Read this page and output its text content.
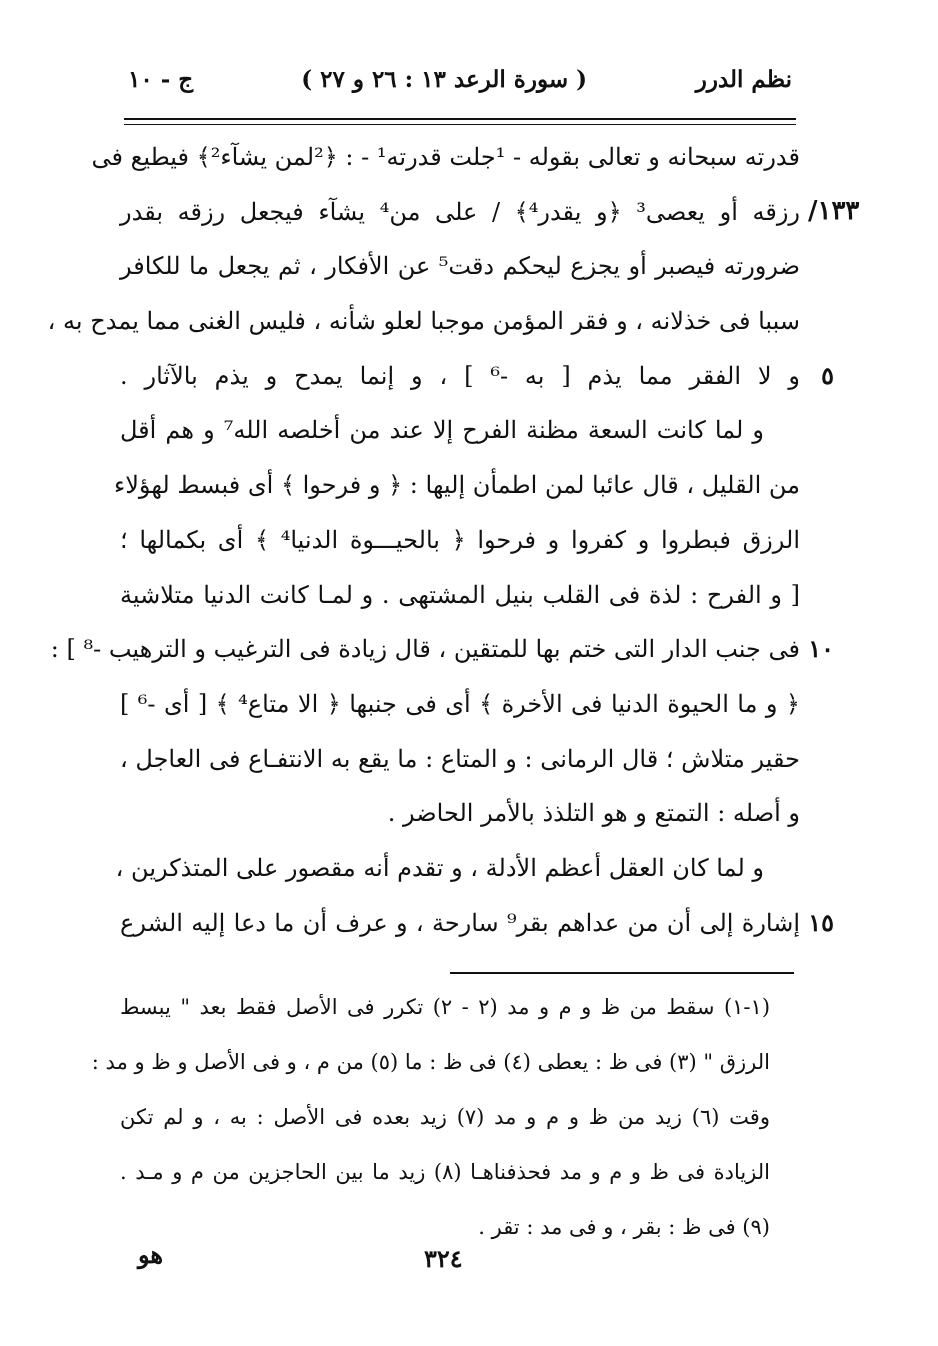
نظم الدرر
( سورة الرعد ١٣ : ٢٦ و ٢٧ )
ج - ١٠
١٣٣/
قدرته سبحانه و تعالى بقوله - ¹جلت قدرته¹ - : ﴿²لمن يشآء²﴾ فيطيع فى
رزقه أو يعصى³ ﴿و يقدر⁴﴾ / على من⁴ يشآء فيجعل رزقه بقدر
ضرورته فيصبر أو يجزع ليحكم دقت⁵ عن الأفكار ، ثم يجعل ما للكافر
سببا فى خذلانه ، و فقر المؤمن موجبا لعلو شأنه ، فليس الغنى مما يمدح به ،
و لا الفقر مما يذم [ به -⁶ ] ، و إنما يمدح و يذم بالآثار . ٥
و لما كانت السعة مظنة الفرح إلا عند من أخلصه الله⁷ و هم أقل
من القليل ، قال عائبا لمن اطمأن إليها : ﴿ و فرحوا ﴾ أى فبسط لهؤلاء
الرزق فبطروا و كفروا و فرحوا ﴿ بالحيـــوة الدنيا⁴ ﴾ أى بكمالها ؛
[ و الفرح : لذة فى القلب بنيل المشتهى . و لمـا كانت الدنيا متلاشية
فى جنب الدار التى ختم بها للمتقين ، قال زيادة فى الترغيب و الترهيب -⁸ ] : ١٠
﴿ و ما الحيوة الدنيا فى الأخرة ﴾ أى فى جنبها ﴿ الا متاع⁴ ﴾ [ أى -⁶ ]
حقير متلاش ؛ قال الرمانى : و المتاع : ما يقع به الانتفـاع فى العاجل ،
و أصله : التمتع و هو التلذذ بالأمر الحاضر .
و لما كان العقل أعظم الأدلة ، و تقدم أنه مقصور على المتذكرين ،
إشارة إلى أن من عداهم بقر⁹ سارحة ، و عرف أن ما دعا إليه الشرع ١٥
(١-١) سقط من ظ و م و مد (٢ - ٢) تكرر فى الأصل فقط بعد " يبسط
الرزق " (٣) فى ظ : يعطى (٤) فى ظ : ما (٥) من م ، و فى الأصل و ظ و مد :
وقت (٦) زيد من ظ و م و مد (٧) زيد بعده فى الأصل : به ، و لم تكن
الزيادة فى ظ و م و مد فحذفناهـا (٨) زيد ما بين الحاجزين من م و مـد .
(٩) فى ظ : بقر ، و فى مد : تقر .
٣٢٤
هو
